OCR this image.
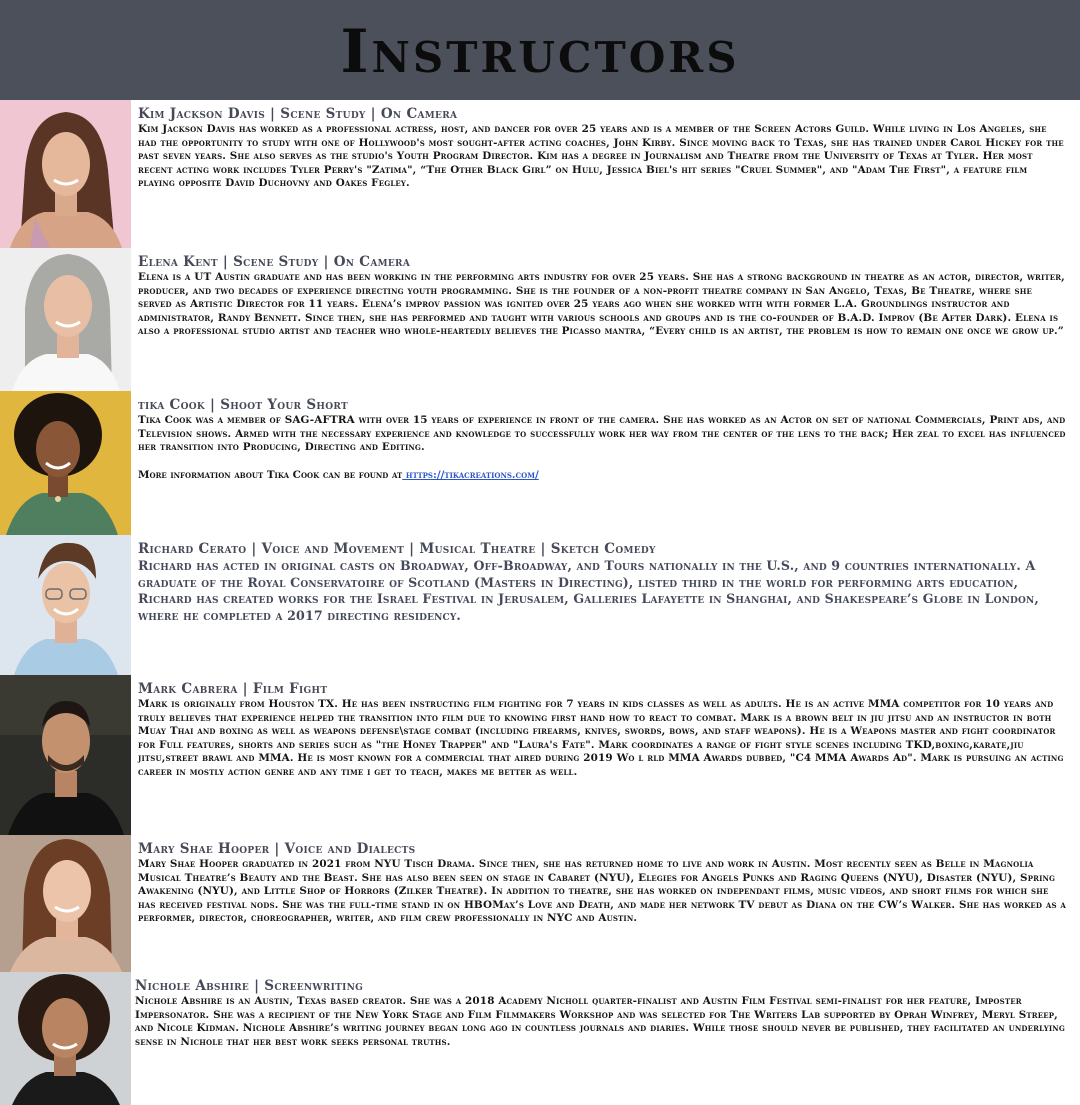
Instructors
Kim Jackson Davis | Scene Study | On Camera

Kim Jackson Davis has worked as a professional actress, host, and dancer for over 25 years and is a member of the Screen Actors Guild. While living in Los Angeles, she had the opportunity to study with one of Hollywood's most sought-after acting coaches, John Kirby. Since moving back to Texas, she has trained under Carol Hickey for the past seven years. She also serves as the studio's Youth Program Director. Kim has a degree in Journalism and Theatre from the University of Texas at Tyler. Her most recent acting work includes Tyler Perry's "Zatima", “The Other Black Girl” on Hulu, Jessica Biel's hit series "Cruel Summer", and "Adam The First", a feature film playing opposite David Duchovny and Oakes Fegley.

Elena Kent | Scene Study | On Camera

Elena is a UT Austin graduate and has been working in the performing arts industry for over 25 years. She has a strong background in theatre as an actor, director, writer, producer, and two decades of experience directing youth programming. She is the founder of a non-profit theatre company in San Angelo, Texas, Be Theatre, where she served as Artistic Director for 11 years. Elena’s improv passion was ignited over 25 years ago when she worked with with former L.A. Groundlings instructor and administrator, Randy Bennett. Since then, she has performed and taught with various schools and groups and is the co-founder of B.A.D. Improv (Be After Dark). Elena is also a professional studio artist and teacher who whole-heartedly believes the Picasso mantra, “Every child is an artist, the problem is how to remain one once we grow up.”

tika Cook | Shoot Your Short

Tika Cook was a member of SAG-AFTRA with over 15 years of experience in front of the camera. She has worked as an Actor on set of national Commercials, Print ads, and Television shows. Armed with the necessary experience and knowledge to successfully work her way from the center of the lens to the back; Her zeal to excel has influenced her transition into Producing, Directing and Editing.

More information about Tika Cook can be found at https://tikacreations.com/
Richard Cerato | Voice and Movement | Musical Theatre | Sketch Comedy

Richard has acted in original casts on Broadway, Off-Broadway, and Tours nationally in the U.S., and 9 countries internationally. A graduate of the Royal Conservatoire of Scotland (Masters in Directing), listed third in the world for performing arts education, Richard has created works for the Israel Festival in Jerusalem, Galleries Lafayette in Shanghai, and Shakespeare’s Globe in London, where he completed a 2017 directing residency.

Mark Cabrera | Film Fight

Mark is originally from Houston TX. He has been instructing film fighting for 7 years in kids classes as well as adults. He is an active MMA competitor for 10 years and truly believes that experience helped the transition into film due to knowing first hand how to react to combat. Mark is a brown belt in jiu jitsu and an instructor in both Muay Thai and boxing as well as weapons defense\stage combat (including firearms, knives, swords, bows, and staff weapons). He is a Weapons master and fight coordinator for Full features, shorts and series such as "the Honey Trapper" and "Laura's Fate". Mark coordinates a range of fight style scenes including TKD,boxing,karate,jiu jitsu,street brawl and MMA. He is most known for a commercial that aired during 2019 Wo l rld MMA Awards dubbed, "C4 MMA Awards Ad". Mark is pursuing an acting career in mostly action genre and any time i get to teach, makes me better as well.

Mary Shae Hooper | Voice and Dialects

Mary Shae Hooper graduated in 2021 from NYU Tisch Drama. Since then, she has returned home to live and work in Austin. Most recently seen as Belle in Magnolia Musical Theatre’s Beauty and the Beast. She has also been seen on stage in Cabaret (NYU), Elegies for Angels Punks and Raging Queens (NYU), Disaster (NYU), Spring Awakening (NYU), and Little Shop of Horrors (Zilker Theatre). In addition to theatre, she has worked on independant films, music videos, and short films for which she has received festival nods. She was the full-time stand in on HBOMax’s Love and Death, and made her network TV debut as Diana on the CW’s Walker. She has worked as a performer, director, choreographer, writer, and film crew professionally in NYC and Austin.

Nichole Abshire | Screenwriting

Nichole Abshire is an Austin, Texas based creator. She was a 2018 Academy Nicholl quarter-finalist and Austin Film Festival semi-finalist for her feature, Imposter Impersonator. She was a recipient of the New York Stage and Film Filmmakers Workshop and was selected for The Writers Lab supported by Oprah Winfrey, Meryl Streep, and Nicole Kidman. Nichole Abshire’s writing journey began long ago in countless journals and diaries. While those should never be published, they facilitated an underlying sense in Nichole that her best work seeks personal truths.
